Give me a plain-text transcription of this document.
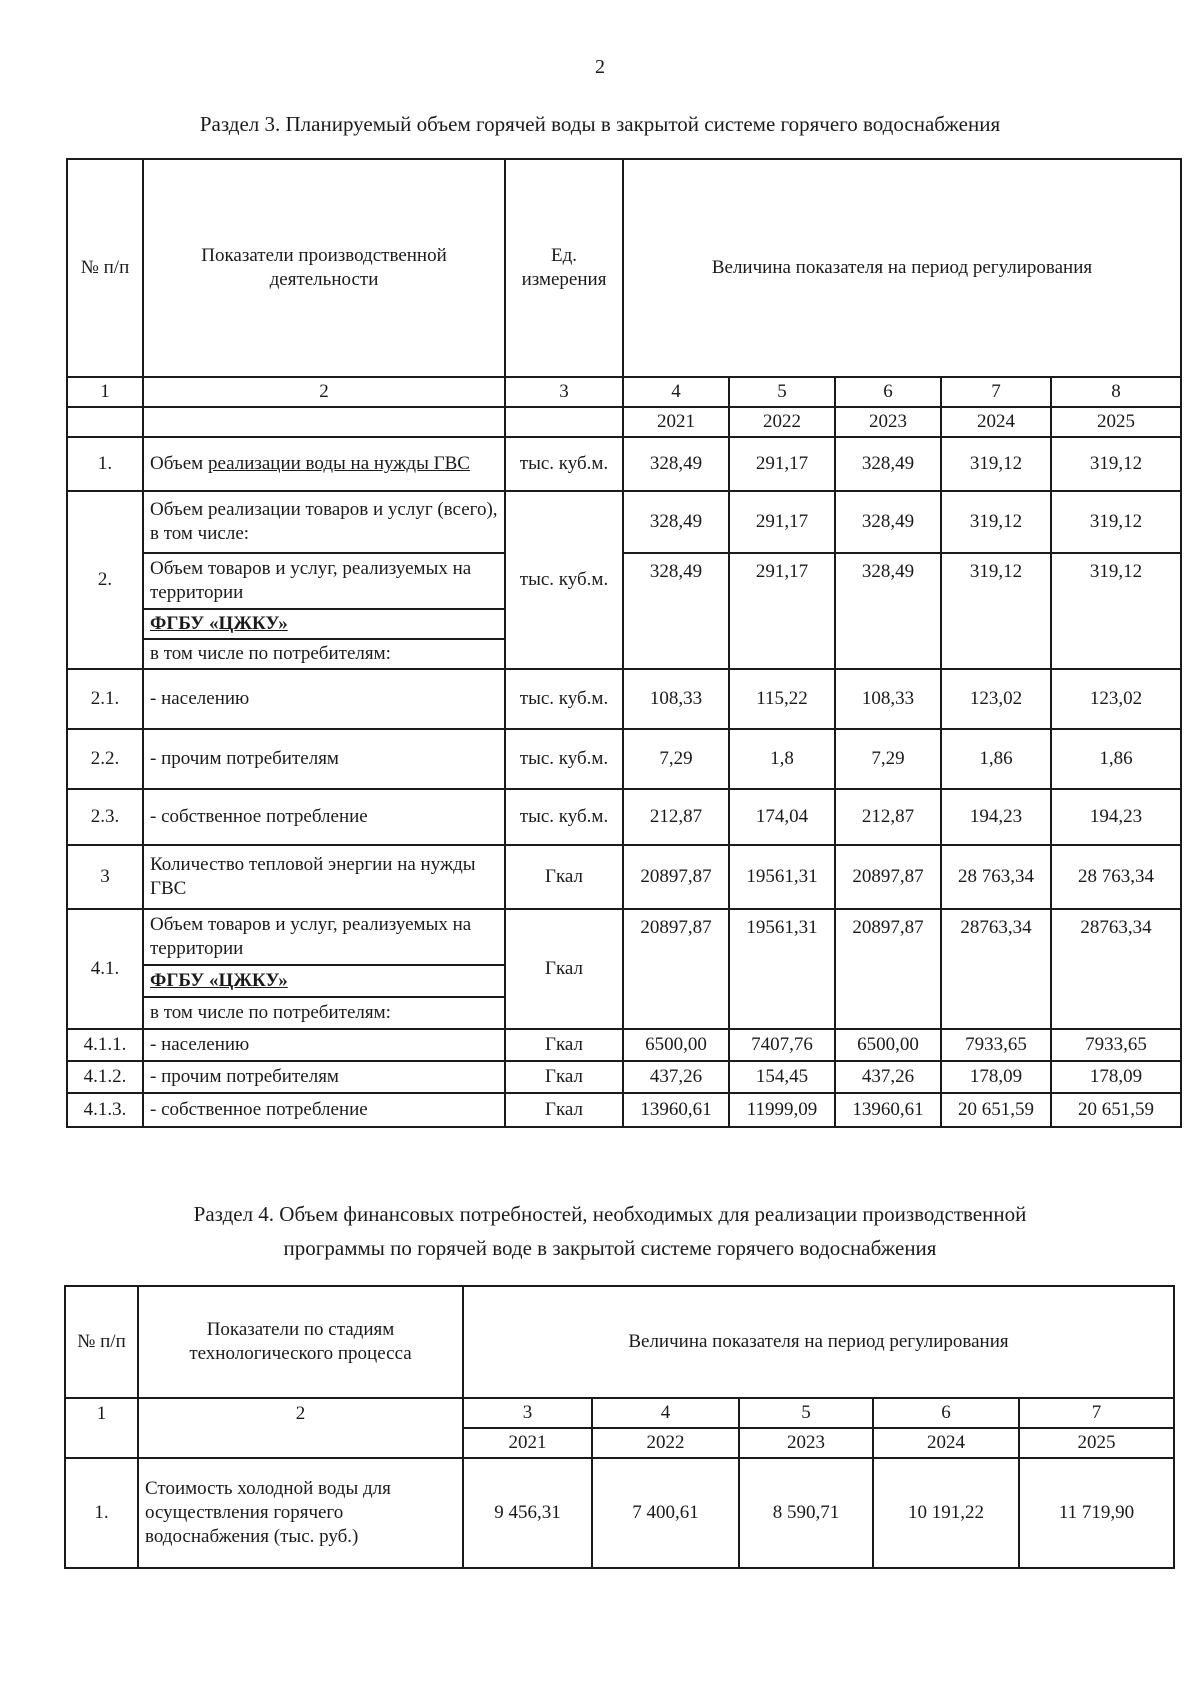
2
Раздел 3. Планируемый объем горячей воды в закрытой системе горячего водоснабжения
№ п/п	Показатели производственной деятельности	Ед. измерения	Величина показателя на период регулирования				
1	2	3	4	5	6	7	8
			2021	2022	2023	2024	2025
1.	Объем реализации воды на нужды ГВС	тыс. куб.м.	328,49	291,17	328,49	319,12	319,12
2.	Объем реализации товаров и услуг (всего), в том числе:	тыс. куб.м.	328,49	291,17	328,49	319,12	319,12
	Объем товаров и услуг, реализуемых на территории		328,49	291,17	328,49	319,12	319,12
	ФГБУ «ЦЖКУ»						
	в том числе по потребителям:						
2.1.	- населению	тыс. куб.м.	108,33	115,22	108,33	123,02	123,02
2.2.	- прочим потребителям	тыс. куб.м.	7,29	1,8	7,29	1,86	1,86
2.3.	- собственное потребление	тыс. куб.м.	212,87	174,04	212,87	194,23	194,23
3	Количество тепловой энергии на нужды ГВС	Гкал	20897,87	19561,31	20897,87	28 763,34	28 763,34
4.1.	Объем товаров и услуг, реализуемых на территории	Гкал	20897,87	19561,31	20897,87	28763,34	28763,34
	ФГБУ «ЦЖКУ»						
	в том числе по потребителям:						
4.1.1.	- населению	Гкал	6500,00	7407,76	6500,00	7933,65	7933,65
4.1.2.	- прочим потребителям	Гкал	437,26	154,45	437,26	178,09	178,09
4.1.3.	- собственное потребление	Гкал	13960,61	11999,09	13960,61	20 651,59	20 651,59
Раздел 4. Объем финансовых потребностей, необходимых для реализации производственной
программы по горячей воде в закрытой системе горячего водоснабжения
№ п/п	Показатели по стадиям технологического процесса	Величина показателя на период регулирования				
1	2	3	4	5	6	7
		2021	2022	2023	2024	2025
1.	Стоимость холодной воды для осуществления горячего водоснабжения (тыс. руб.)	9 456,31	7 400,61	8 590,71	10 191,22	11 719,90
